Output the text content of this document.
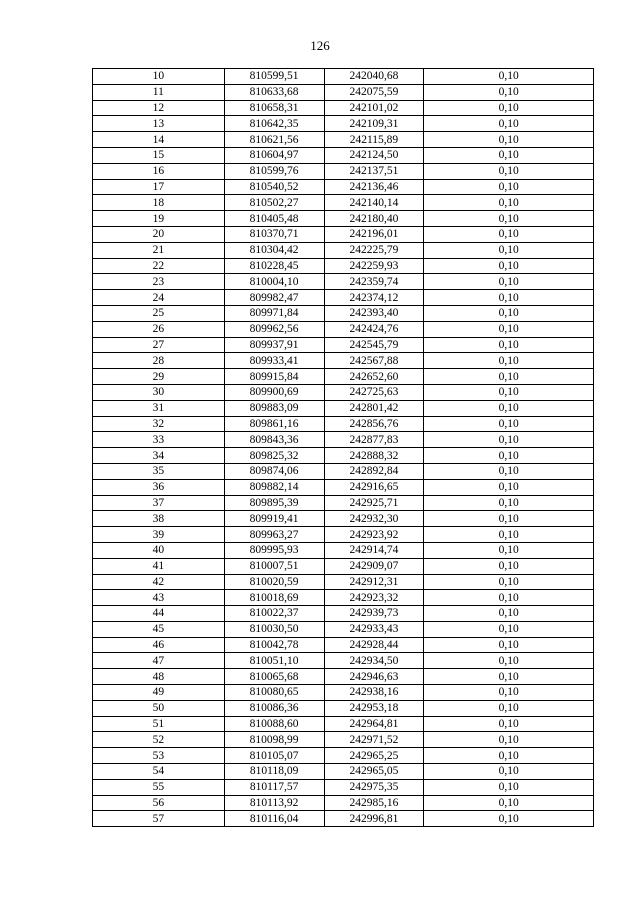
126
10	810599,51	242040,68	0,10
11	810633,68	242075,59	0,10
12	810658,31	242101,02	0,10
13	810642,35	242109,31	0,10
14	810621,56	242115,89	0,10
15	810604,97	242124,50	0,10
16	810599,76	242137,51	0,10
17	810540,52	242136,46	0,10
18	810502,27	242140,14	0,10
19	810405,48	242180,40	0,10
20	810370,71	242196,01	0,10
21	810304,42	242225,79	0,10
22	810228,45	242259,93	0,10
23	810004,10	242359,74	0,10
24	809982,47	242374,12	0,10
25	809971,84	242393,40	0,10
26	809962,56	242424,76	0,10
27	809937,91	242545,79	0,10
28	809933,41	242567,88	0,10
29	809915,84	242652,60	0,10
30	809900,69	242725,63	0,10
31	809883,09	242801,42	0,10
32	809861,16	242856,76	0,10
33	809843,36	242877,83	0,10
34	809825,32	242888,32	0,10
35	809874,06	242892,84	0,10
36	809882,14	242916,65	0,10
37	809895,39	242925,71	0,10
38	809919,41	242932,30	0,10
39	809963,27	242923,92	0,10
40	809995,93	242914,74	0,10
41	810007,51	242909,07	0,10
42	810020,59	242912,31	0,10
43	810018,69	242923,32	0,10
44	810022,37	242939,73	0,10
45	810030,50	242933,43	0,10
46	810042,78	242928,44	0,10
47	810051,10	242934,50	0,10
48	810065,68	242946,63	0,10
49	810080,65	242938,16	0,10
50	810086,36	242953,18	0,10
51	810088,60	242964,81	0,10
52	810098,99	242971,52	0,10
53	810105,07	242965,25	0,10
54	810118,09	242965,05	0,10
55	810117,57	242975,35	0,10
56	810113,92	242985,16	0,10
57	810116,04	242996,81	0,10
